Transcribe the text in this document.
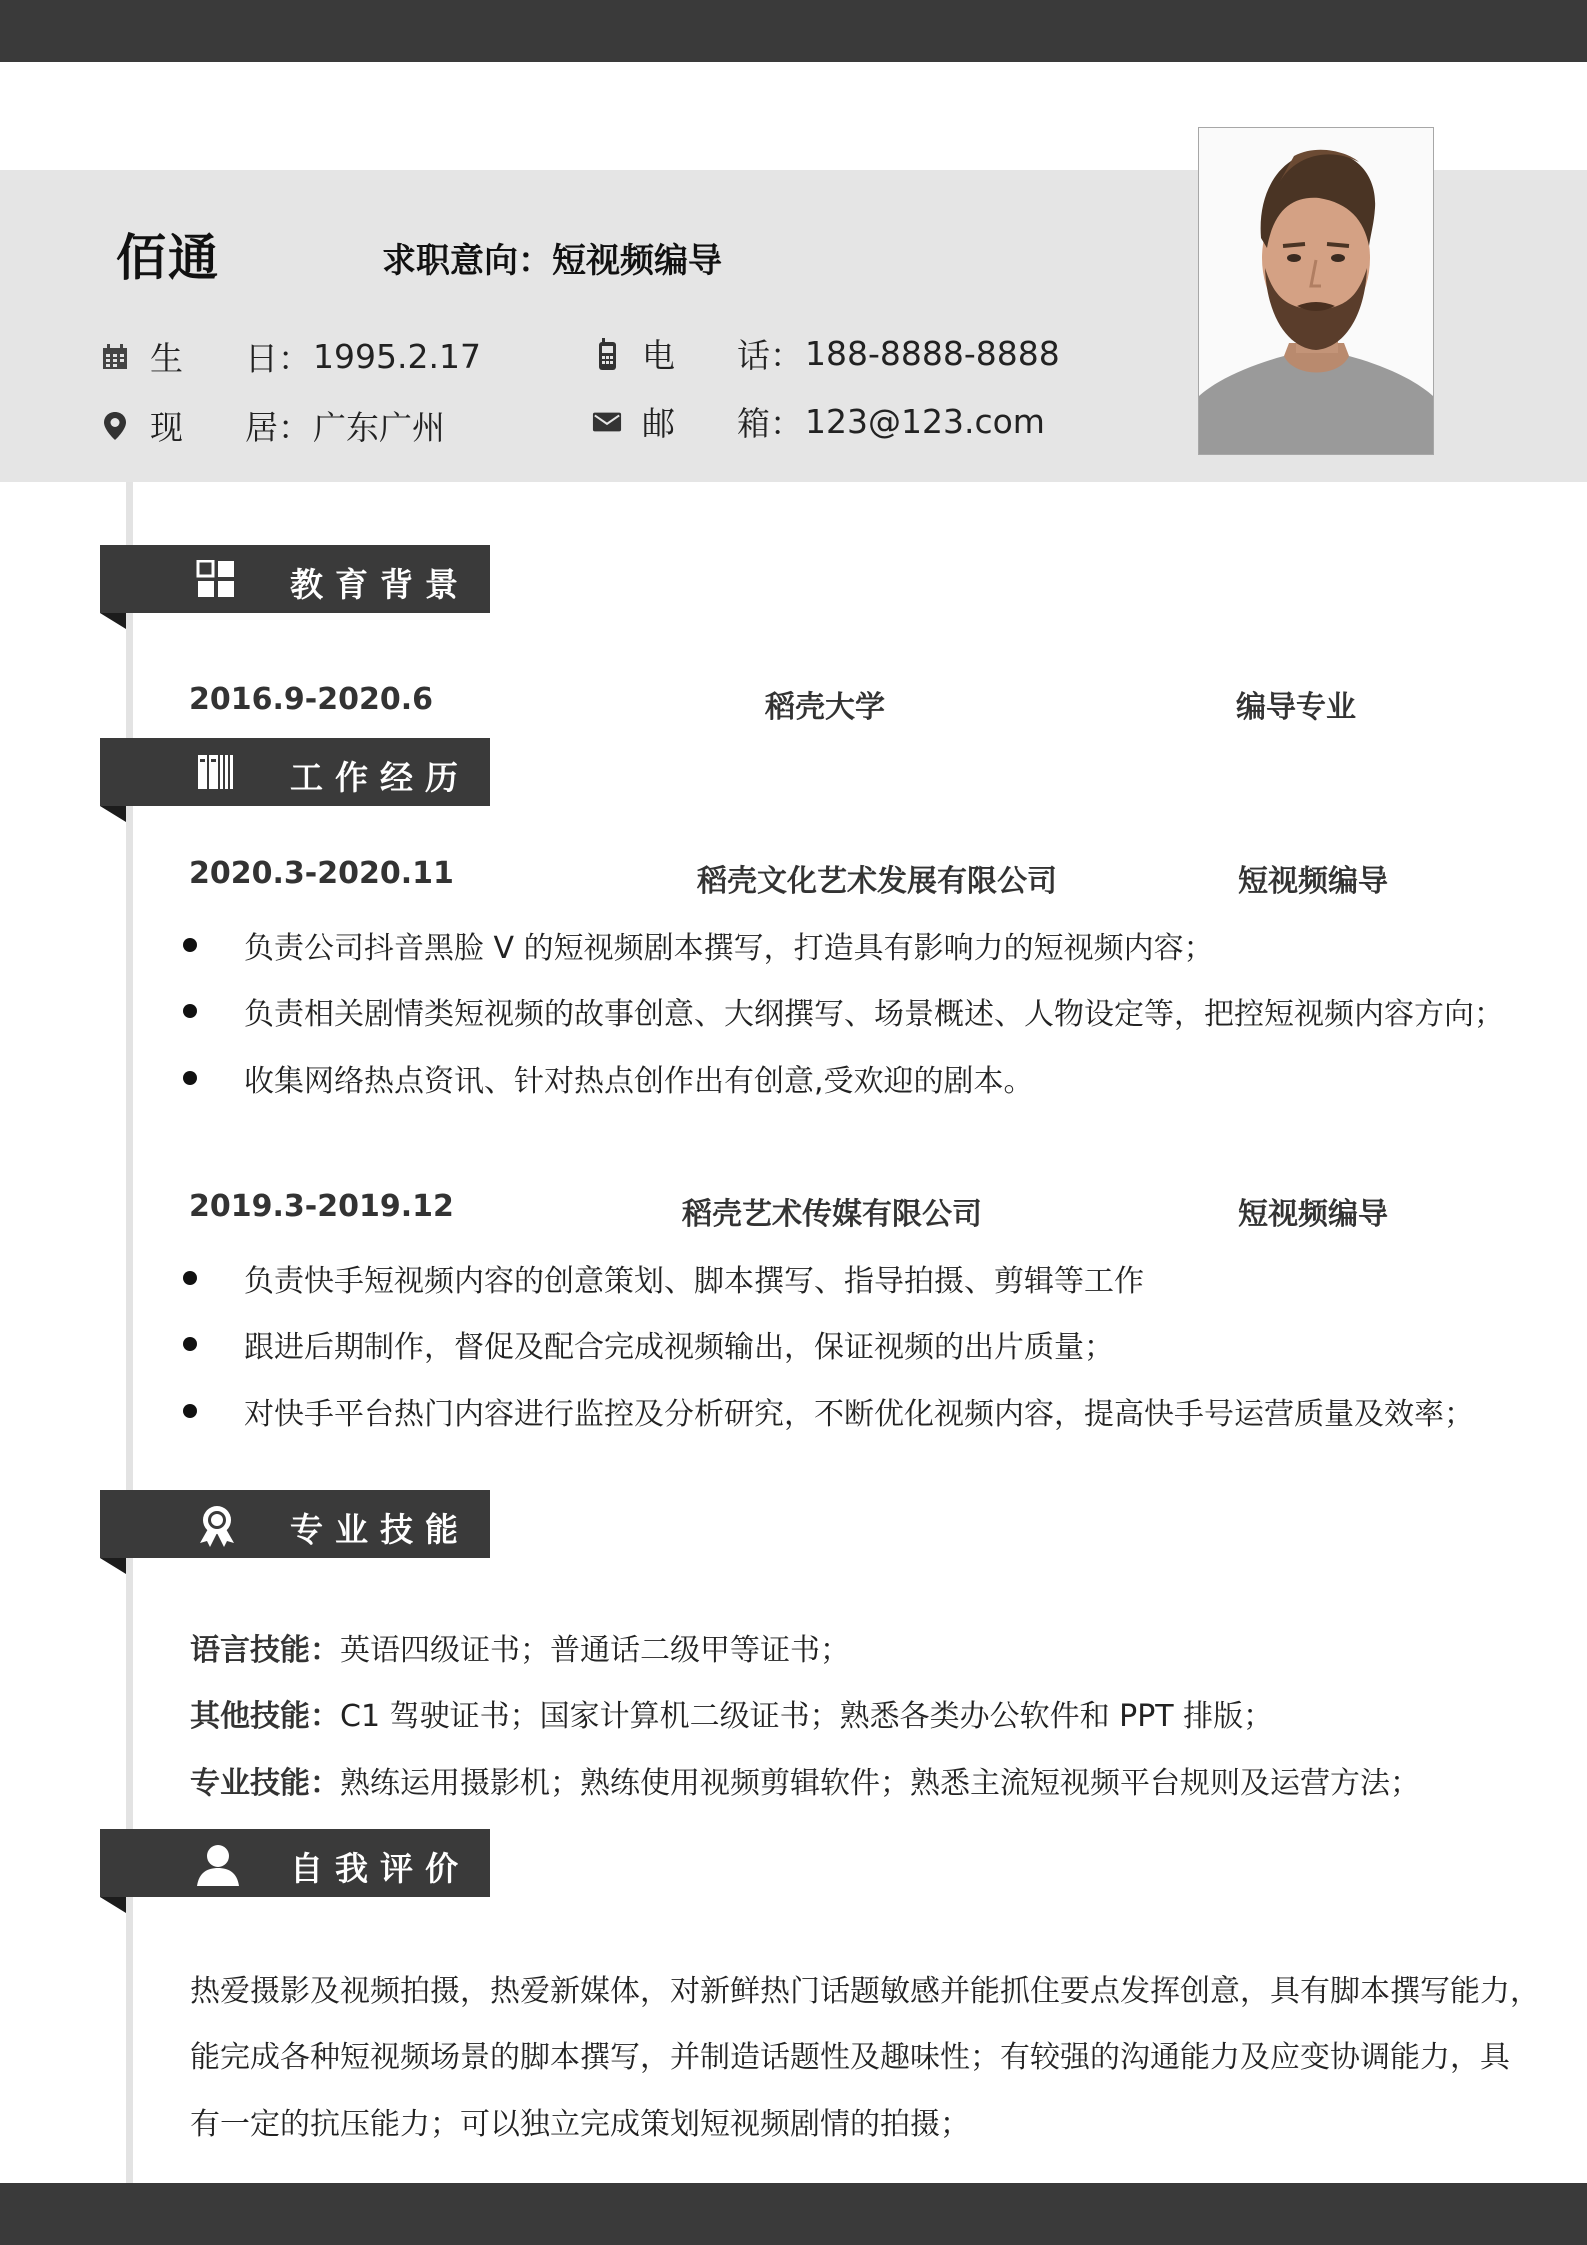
佰通	求职意向：短视频编导
生日 ： 1995.2.17
现居 ： 广东广州
电话 ： 188-8888-8888
邮箱 ： 123@123.com
教育背景
2016.9-2020.6	稻壳大学	编导专业
工作经历
2020.3-2020.11	稻壳文化艺术发展有限公司	短视频编导
负责公司抖音黑脸 V 的短视频剧本撰写，打造具有影响力的短视频内容；
负责相关剧情类短视频的故事创意、大纲撰写、场景概述、人物设定等，把控短视频内容方向；
收集网络热点资讯、针对热点创作出有创意,受欢迎的剧本。
2019.3-2019.12	稻壳艺术传媒有限公司	短视频编导
负责快手短视频内容的创意策划、脚本撰写、指导拍摄、剪辑等工作
跟进后期制作，督促及配合完成视频输出，保证视频的出片质量；
对快手平台热门内容进行监控及分析研究，不断优化视频内容，提高快手号运营质量及效率；
专业技能
语言技能：英语四级证书；普通话二级甲等证书；
其他技能：C1 驾驶证书；国家计算机二级证书；熟悉各类办公软件和 PPT 排版；
专业技能：熟练运用摄影机；熟练使用视频剪辑软件；熟悉主流短视频平台规则及运营方法；
自我评价
热爱摄影及视频拍摄，热爱新媒体，对新鲜热门话题敏感并能抓住要点发挥创意，具有脚本撰写能力，
能完成各种短视频场景的脚本撰写，并制造话题性及趣味性；有较强的沟通能力及应变协调能力，具
有一定的抗压能力；可以独立完成策划短视频剧情的拍摄；
